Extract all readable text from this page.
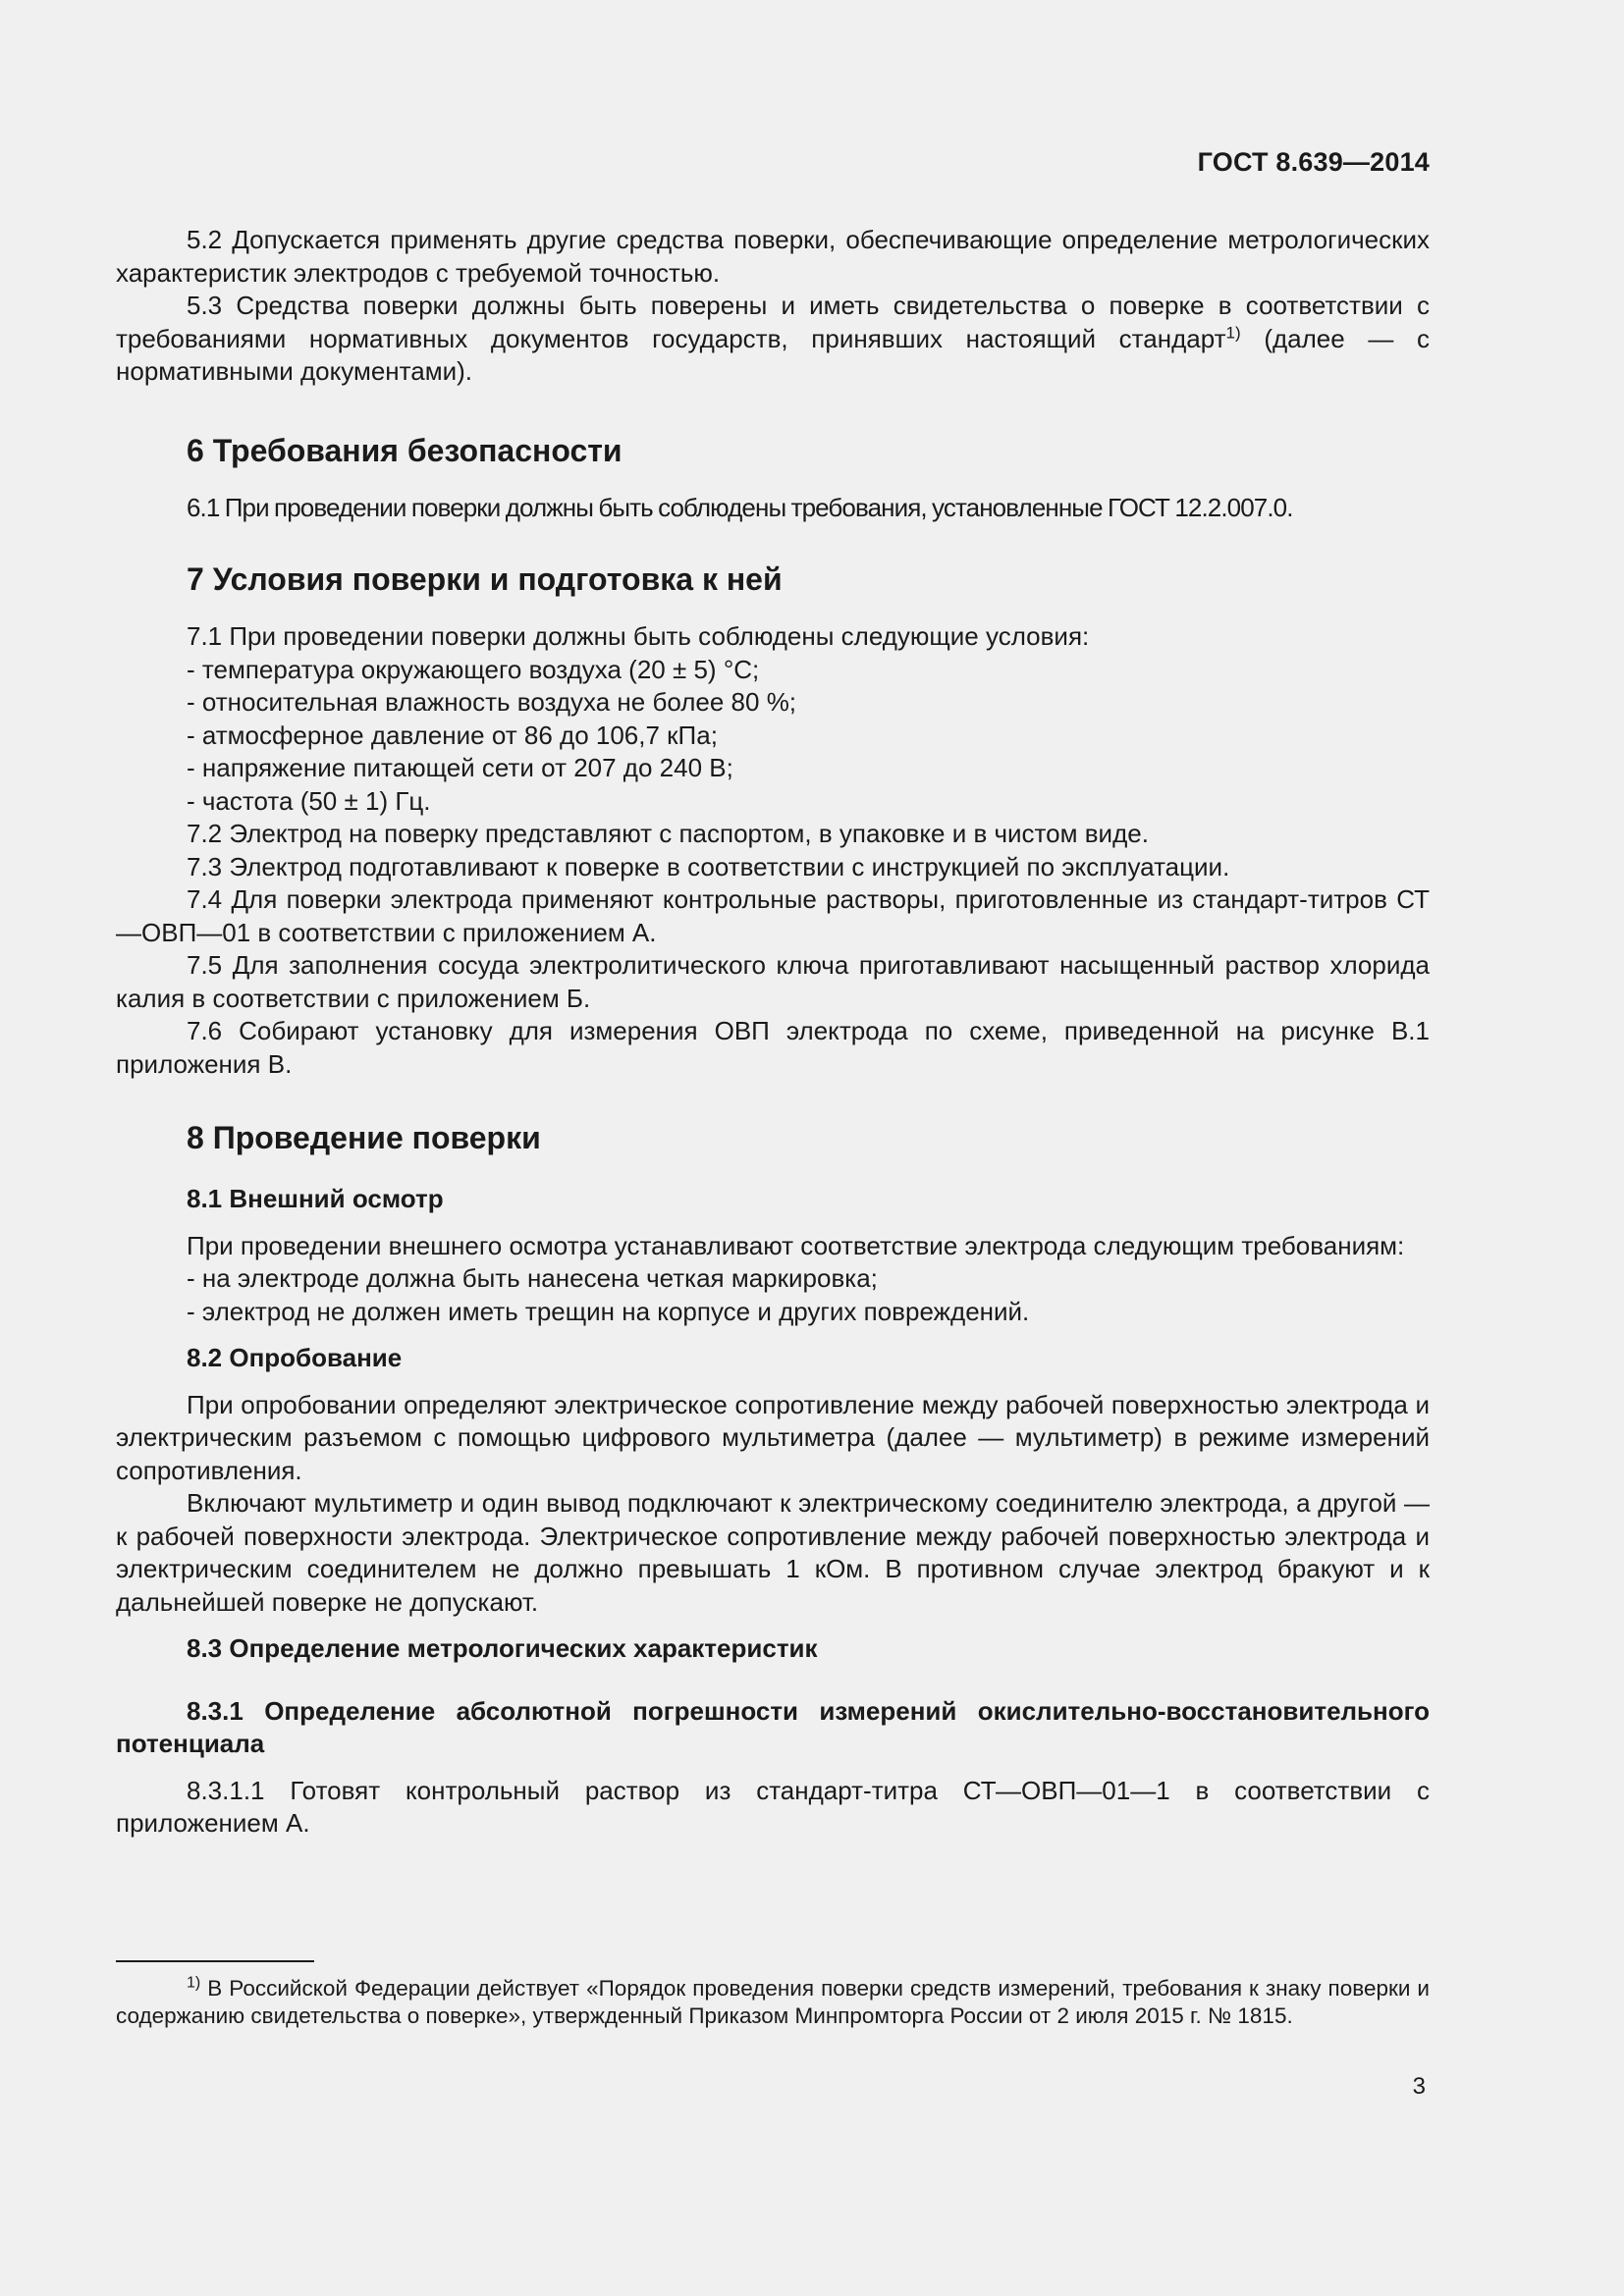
ГОСТ 8.639—2014

5.2 Допускается применять другие средства поверки, обеспечивающие определение метрологических характеристик электродов с требуемой точностью.

5.3 Средства поверки должны быть поверены и иметь свидетельства о поверке в соответствии с требованиями нормативных документов государств, принявших настоящий стандарт$^{1)}$ (далее — с нормативными документами).

6 Требования безопасности

6.1 При проведении поверки должны быть соблюдены требования, установленные ГОСТ 12.2.007.0.

7 Условия поверки и подготовка к ней

7.1 При проведении поверки должны быть соблюдены следующие условия:

- температура окружающего воздуха (20 ± 5) °С;

- относительная влажность воздуха не более 80 %;

- атмосферное давление от 86 до 106,7 кПа;

- напряжение питающей сети от 207 до 240 В;

- частота (50 ± 1) Гц.

7.2 Электрод на поверку представляют с паспортом, в упаковке и в чистом виде.

7.3 Электрод подготавливают к поверке в соответствии с инструкцией по эксплуатации.

7.4 Для поверки электрода применяют контрольные растворы, приготовленные из стандарт-титров СТ—ОВП—01 в соответствии с приложением А.

7.5 Для заполнения сосуда электролитического ключа приготавливают насыщенный раствор хлорида калия в соответствии с приложением Б.

7.6 Собирают установку для измерения ОВП электрода по схеме, приведенной на рисунке В.1 приложения В.

8 Проведение поверки
8.1 Внешний осмотр

При проведении внешнего осмотра устанавливают соответствие электрода следующим требованиям:

- на электроде должна быть нанесена четкая маркировка;

- электрод не должен иметь трещин на корпусе и других повреждений.

8.2 Опробование

При опробовании определяют электрическое сопротивление между рабочей поверхностью электрода и электрическим разъемом с помощью цифрового мультиметра (далее — мультиметр) в режиме измерений сопротивления.

Включают мультиметр и один вывод подключают к электрическому соединителю электрода, а другой — к рабочей поверхности электрода. Электрическое сопротивление между рабочей поверхностью электрода и электрическим соединителем не должно превышать 1 кОм. В противном случае электрод бракуют и к дальнейшей поверке не допускают.

8.3 Определение метрологических характеристик
8.3.1 Определение абсолютной погрешности измерений окислительно-восстановительного потенциала

8.3.1.1 Готовят контрольный раствор из стандарт-титра СТ—ОВП—01—1 в соответствии с приложением А.

$^{1)}$ В Российской Федерации действует «Порядок проведения поверки средств измерений, требования к знаку поверки и содержанию свидетельства о поверке», утвержденный Приказом Минпромторга России от 2 июля 2015 г. № 1815.
3
